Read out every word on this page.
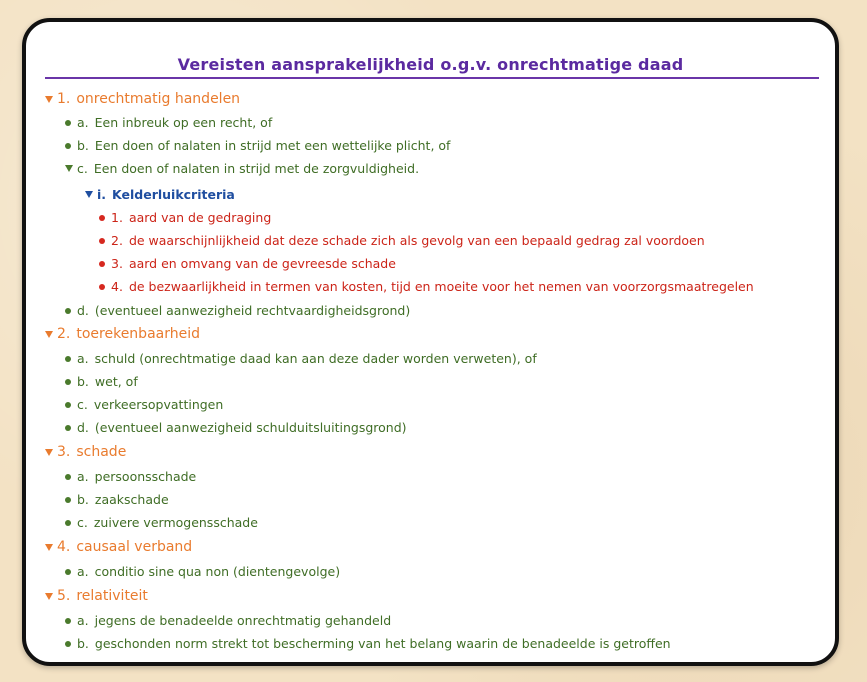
Vereisten aansprakelijkheid o.g.v. onrechtmatige daad
1. onrechtmatig handelen
a. Een inbreuk op een recht, of
b. Een doen of nalaten in strijd met een wettelijke plicht, of
c. Een doen of nalaten in strijd met de zorgvuldigheid.
i. Kelderluikcriteria
1. aard van de gedraging
2. de waarschijnlijkheid dat deze schade zich als gevolg van een bepaald gedrag zal voordoen
3. aard en omvang van de gevreesde schade
4. de bezwaarlijkheid in termen van kosten, tijd en moeite voor het nemen van voorzorgsmaatregelen
d. (eventueel aanwezigheid rechtvaardigheidsgrond)
2. toerekenbaarheid
a. schuld (onrechtmatige daad kan aan deze dader worden verweten), of
b. wet, of
c. verkeersopvattingen
d. (eventueel aanwezigheid schulduitsluitingsgrond)
3. schade
a. persoonsschade
b. zaakschade
c. zuivere vermogensschade
4. causaal verband
a. conditio sine qua non (dientengevolge)
5. relativiteit
a. jegens de benadeelde onrechtmatig gehandeld
b. geschonden norm strekt tot bescherming van het belang waarin de benadeelde is getroffen
